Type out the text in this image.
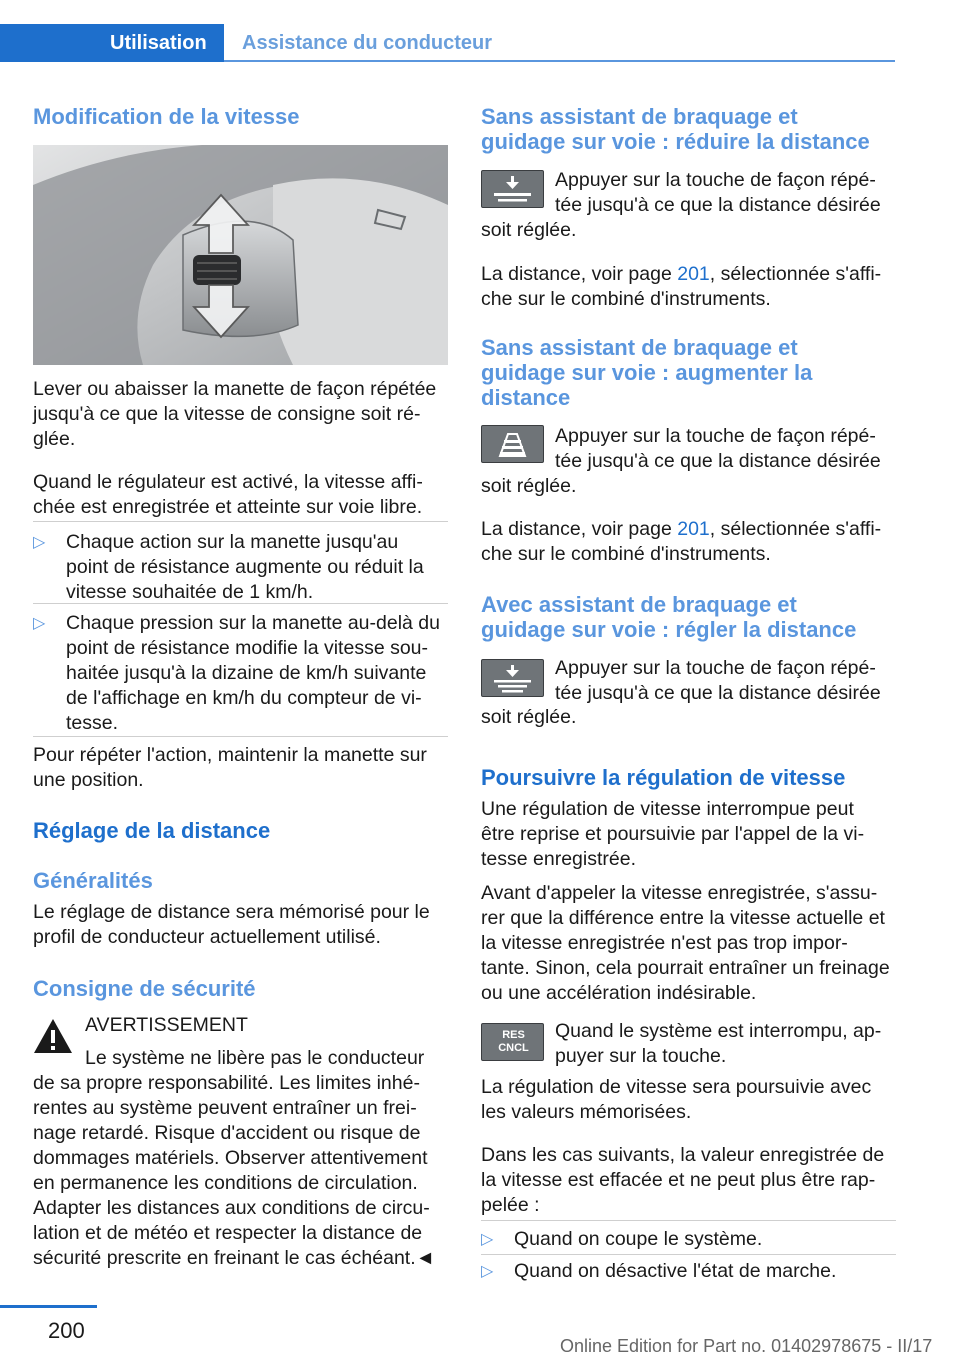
Utilisation	Assistance du conducteur
Modification de la vitesse
Lever ou abaisser la manette de façon répétée
jusqu'à ce que la vitesse de consigne soit ré-
glée.
Quand le régulateur est activé, la vitesse affi-
chée est enregistrée et atteinte sur voie libre.
▷ Chaque action sur la manette jusqu'au
point de résistance augmente ou réduit la
vitesse souhaitée de 1 km/h.
▷ Chaque pression sur la manette au-delà du
point de résistance modifie la vitesse sou-
haitée jusqu'à la dizaine de km/h suivante
de l'affichage en km/h du compteur de vi-
tesse.
Pour répéter l'action, maintenir la manette sur
une position.
Réglage de la distance
Généralités
Le réglage de distance sera mémorisé pour le
profil de conducteur actuellement utilisé.
Consigne de sécurité
AVERTISSEMENT
Le système ne libère pas le conducteur
de sa propre responsabilité. Les limites inhé-
rentes au système peuvent entraîner un frei-
nage retardé. Risque d'accident ou risque de
dommages matériels. Observer attentivement
en permanence les conditions de circulation.
Adapter les distances aux conditions de circu-
lation et de météo et respecter la distance de
sécurité prescrite en freinant le cas échéant.◄
Sans assistant de braquage et
guidage sur voie : réduire la distance
Appuyer sur la touche de façon répé-
tée jusqu'à ce que la distance désirée
soit réglée.
La distance, voir page 201, sélectionnée s'affi-
che sur le combiné d'instruments.
Sans assistant de braquage et
guidage sur voie : augmenter la
distance
Appuyer sur la touche de façon répé-
tée jusqu'à ce que la distance désirée
soit réglée.
La distance, voir page 201, sélectionnée s'affi-
che sur le combiné d'instruments.
Avec assistant de braquage et
guidage sur voie : régler la distance
Appuyer sur la touche de façon répé-
tée jusqu'à ce que la distance désirée
soit réglée.
Poursuivre la régulation de vitesse
Une régulation de vitesse interrompue peut
être reprise et poursuivie par l'appel de la vi-
tesse enregistrée.
Avant d'appeler la vitesse enregistrée, s'assu-
rer que la différence entre la vitesse actuelle et
la vitesse enregistrée n'est pas trop impor-
tante. Sinon, cela pourrait entraîner un freinage
ou une accélération indésirable.
RES
CNCL
Quand le système est interrompu, ap-
puyer sur la touche.
La régulation de vitesse sera poursuivie avec
les valeurs mémorisées.
Dans les cas suivants, la valeur enregistrée de
la vitesse est effacée et ne peut plus être rap-
pelée :
▷ Quand on coupe le système.
▷ Quand on désactive l'état de marche.
200
Online Edition for Part no. 01402978675 - II/17
